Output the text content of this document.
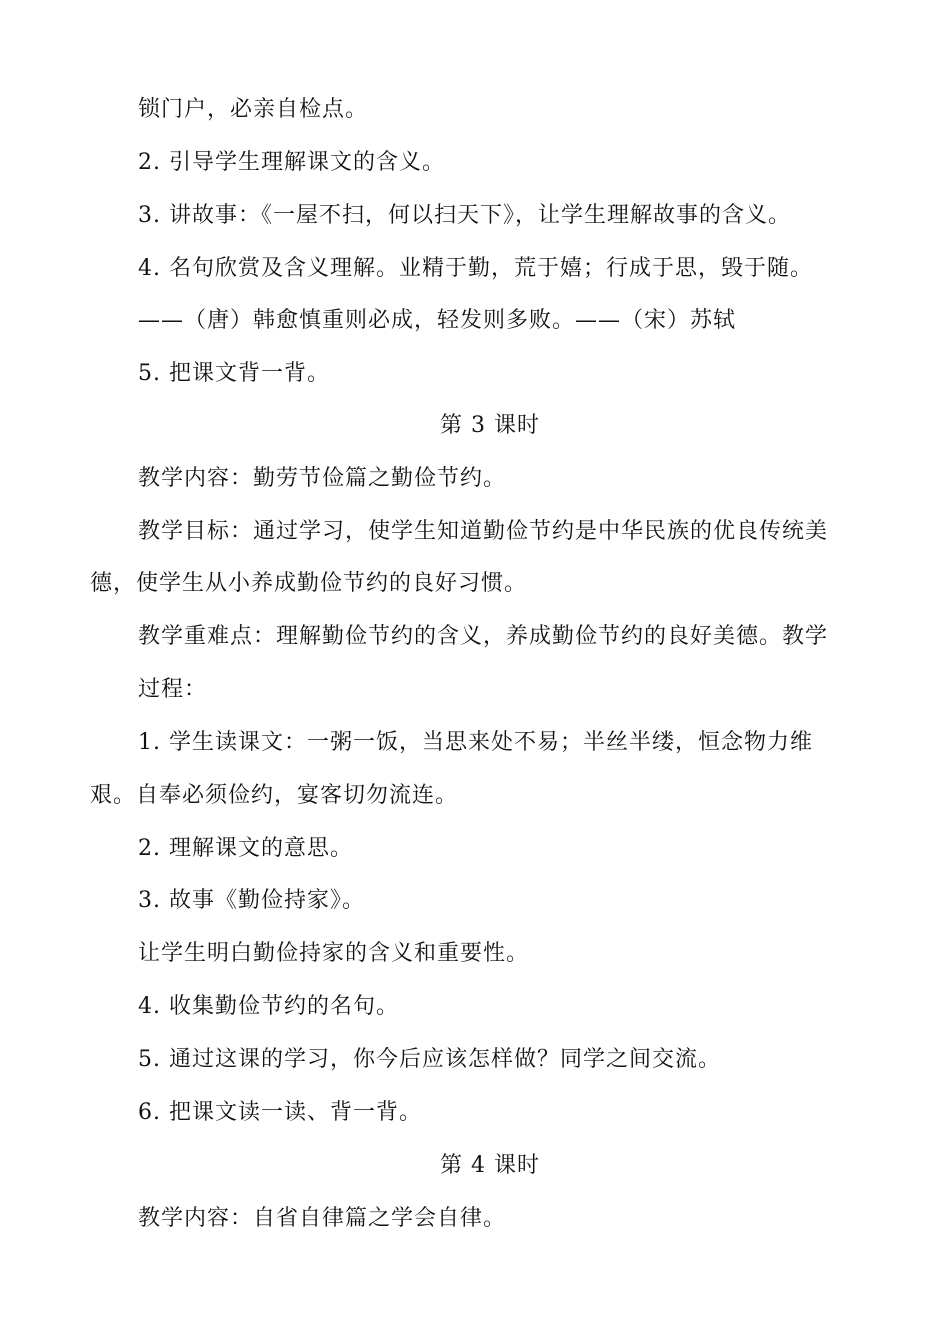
锁门户，必亲自检点。
2. 引导学生理解课文的含义。
3. 讲故事：《一屋不扫，何以扫天下》，让学生理解故事的含义。
4. 名句欣赏及含义理解。业精于勤，荒于嬉；行成于思，毁于随。
——（唐）韩愈慎重则必成，轻发则多败。——（宋）苏轼
5. 把课文背一背。
第 3 课时
教学内容：勤劳节俭篇之勤俭节约。
教学目标：通过学习，使学生知道勤俭节约是中华民族的优良传统美
德，使学生从小养成勤俭节约的良好习惯。
教学重难点：理解勤俭节约的含义，养成勤俭节约的良好美德。教学
过程：
1. 学生读课文：一粥一饭，当思来处不易；半丝半缕，恒念物力维
艰。自奉必须俭约，宴客切勿流连。
2. 理解课文的意思。
3. 故事《勤俭持家》。
让学生明白勤俭持家的含义和重要性。
4. 收集勤俭节约的名句。
5. 通过这课的学习，你今后应该怎样做？同学之间交流。
6. 把课文读一读、背一背。
第 4 课时
教学内容：自省自律篇之学会自律。
